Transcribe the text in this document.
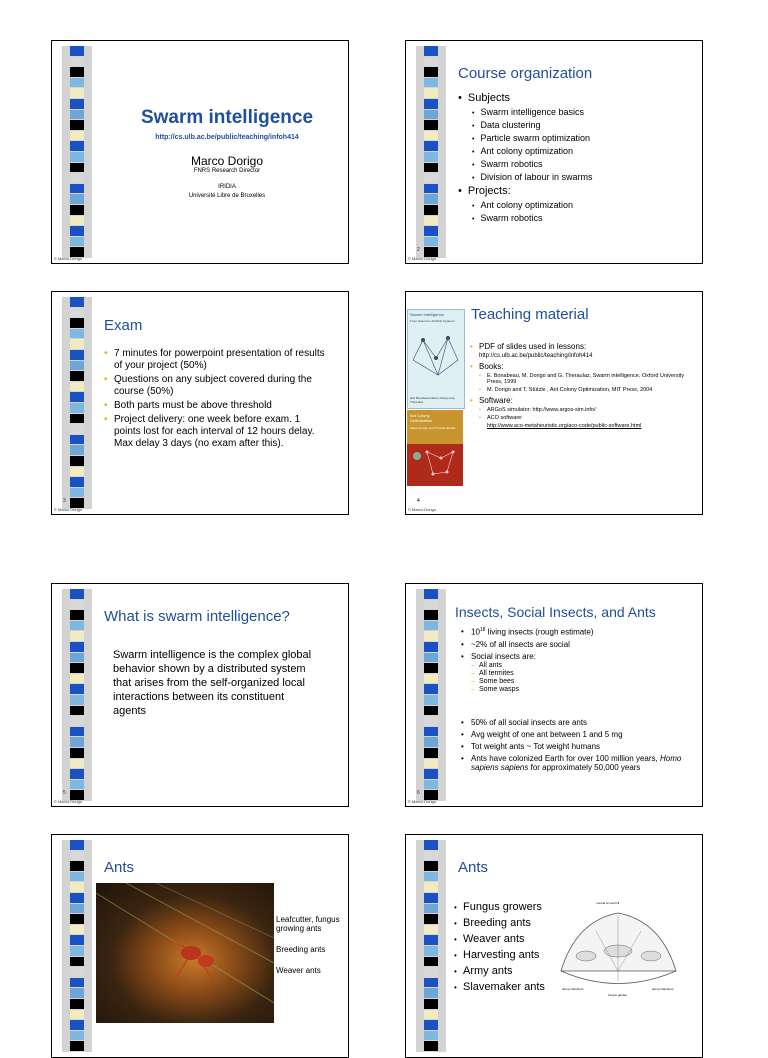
Swarm intelligence
http://cs.ulb.ac.be/public/teaching/infoh414
Marco Dorigo
FNRS Research Director
IRIDIA
Université Libre de Bruxelles
© Marco Dorigo
Course organization
• Subjects
• Swarm intelligence basics
• Data clustering
• Particle swarm optimization
• Ant colony optimization
• Swarm robotics
• Division of labour in swarms
• Projects:
• Ant colony optimization
• Swarm robotics
2
© Marco Dorigo
Exam
• 7 minutes for powerpoint presentation of results of your project (50%)
• Questions on any subject covered during the course (50%)
• Both parts must be above threshold
• Project delivery: one week before exam. 1 points lost for each interval of 12 hours delay. Max delay 3 days (no exam after this).
3
© Marco Dorigo
Swarm Intelligence
From Natural to Artificial Systems
Eric Bonabeau Marco Dorigo Guy Theraulaz
Ant Colony Optimization
Marco Dorigo and Thomas Stützle
Teaching material
• PDF of slides used in lessons:
http://cs.ulb.ac.be/public/teaching/infoh414
• Books:
• E. Bonabeau, M. Dorigo and G. Theraulaz, Swarm intelligence, Oxford University Press, 1999
• M. Dorigo and T. Stützle , Ant Colony Optimization, MIT Press, 2004
• Software:
• ARGoS simulator: http://www.argos-sim.info/
• ACO software:
http://www.aco-metaheuristic.org/aco-code/public-software.html
4
© Marco Dorigo
What is swarm intelligence?
Swarm intelligence is the complex global behavior shown by a distributed system that arises from the self-organized local interactions between its constituent agents
5
© Marco Dorigo
Insects, Social Insects, and Ants
• $10^{18}$ living insects (rough estimate)
• ~2% of all insects are social
• Social insects are:
– All ants
– All termites
– Some bees
– Some wasps
• 50% of all social insects are ants
• Avg weight of one ant between 1 and 5 mg
• Tot weight ants ~ Tot weight humans
• Ants have colonized Earth for over 100 million years, Homo sapiens sapiens for approximately 50,000 years
6
© Marco Dorigo
Ants
Leafcutter, fungus growing ants
Breeding ants
Weaver ants
Ants
• Fungus growers
• Breeding ants
• Weaver ants
• Harvesting ants
• Army ants
• Slavemaker ants
mound on soil hill
dump chambers
fungus garden
dump chambers
